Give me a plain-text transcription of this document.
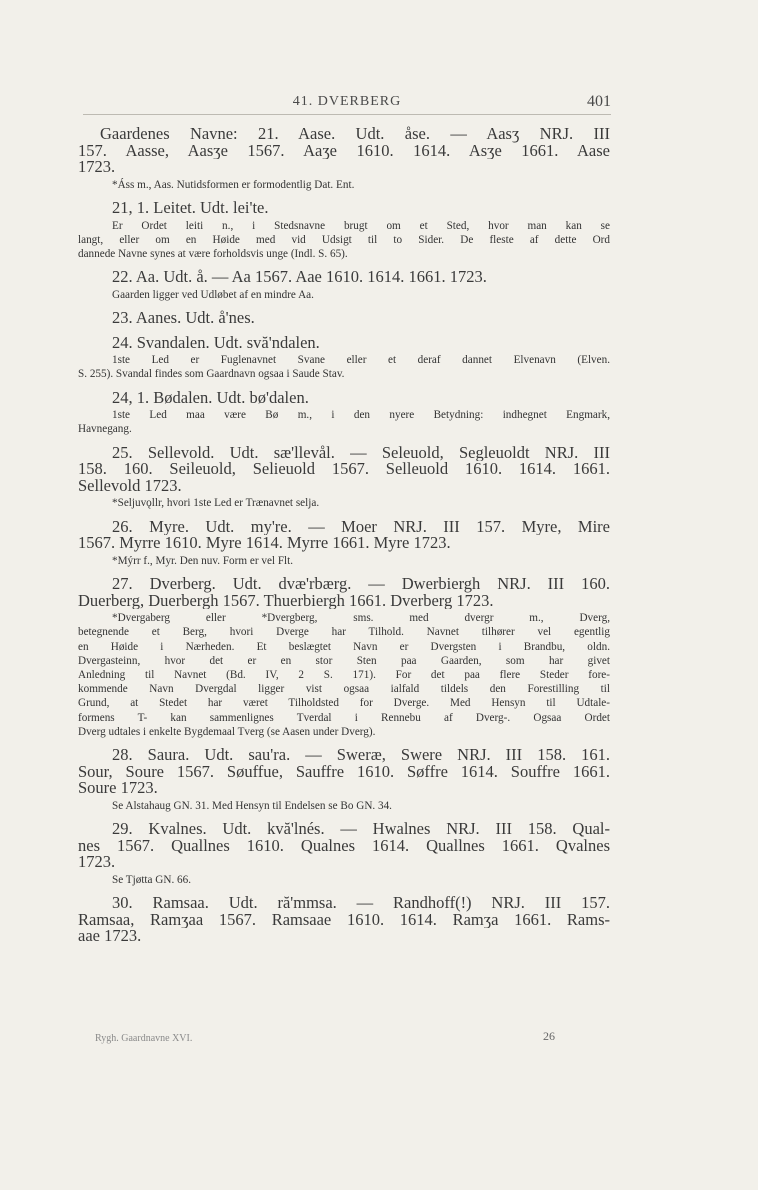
41. DVERBERG	401
Gaardenes Navne: 21. Aase. Udt. åse. — Aasʒ NRJ. III
157. Aasse, Aasʒe 1567. Aaʒe 1610. 1614. Asʒe 1661. Aase
1723.
*Áss m., Aas. Nutidsformen er formodentlig Dat. Ent.
21, 1. Leitet. Udt. lei'te.
Er Ordet leiti n., i Stedsnavne brugt om et Sted, hvor man kan se
langt, eller om en Høide med vid Udsigt til to Sider. De fleste af dette Ord
dannede Navne synes at være forholdsvis unge (Indl. S. 65).
22. Aa. Udt. å. — Aa 1567. Aae 1610. 1614. 1661. 1723.
Gaarden ligger ved Udløbet af en mindre Aa.
23. Aanes. Udt. å'nes.
24. Svandalen. Udt. svă'ndalen.
1ste Led er Fuglenavnet Svane eller et deraf dannet Elvenavn (Elven.
S. 255). Svandal findes som Gaardnavn ogsaa i Saude Stav.
24, 1. Bødalen. Udt. bø'dalen.
1ste Led maa være Bø m., i den nyere Betydning: indhegnet Engmark,
Havnegang.
25. Sellevold. Udt. sæ'llevål. — Seleuold, Segleuoldt NRJ. III
158. 160. Seileuold, Selieuold 1567. Selleuold 1610. 1614. 1661.
Sellevold 1723.
*Seljuvǫllr, hvori 1ste Led er Trænavnet selja.
26. Myre. Udt. my're. — Moer NRJ. III 157. Myre, Mire
1567. Myrre 1610. Myre 1614. Myrre 1661. Myre 1723.
*Mýrr f., Myr. Den nuv. Form er vel Flt.
27. Dverberg. Udt. dvæ'rbærg. — Dwerbiergh NRJ. III 160.
Duerberg, Duerbergh 1567. Thuerbiergh 1661. Dverberg 1723.
*Dvergaberg eller *Dvergberg, sms. med dvergr m., Dverg,
betegnende et Berg, hvori Dverge har Tilhold. Navnet tilhører vel egentlig
en Høide i Nærheden. Et beslægtet Navn er Dvergsten i Brandbu, oldn.
Dvergasteinn, hvor det er en stor Sten paa Gaarden, som har givet
Anledning til Navnet (Bd. IV, 2 S. 171). For det paa flere Steder fore-
kommende Navn Dvergdal ligger vist ogsaa ialfald tildels den Forestilling til
Grund, at Stedet har været Tilholdsted for Dverge. Med Hensyn til Udtale-
formens T- kan sammenlignes Tverdal i Rennebu af Dverg-. Ogsaa Ordet
Dverg udtales i enkelte Bygdemaal Tverg (se Aasen under Dverg).
28. Saura. Udt. sau'ra. — Sweræ, Swere NRJ. III 158. 161.
Sour, Soure 1567. Søuffue, Sauffre 1610. Søffre 1614. Souffre 1661.
Soure 1723.
Se Alstahaug GN. 31. Med Hensyn til Endelsen se Bo GN. 34.
29. Kvalnes. Udt. kvă'lnés. — Hwalnes NRJ. III 158. Qual-
nes 1567. Quallnes 1610. Qualnes 1614. Quallnes 1661. Qvalnes
1723.
Se Tjøtta GN. 66.
30. Ramsaa. Udt. ră'mmsa. — Randhoff(!) NRJ. III 157.
Ramsaa, Ramʒaa 1567. Ramsaae 1610. 1614. Ramʒa 1661. Rams-
aae 1723.
Rygh. Gaardnavne XVI.	26
